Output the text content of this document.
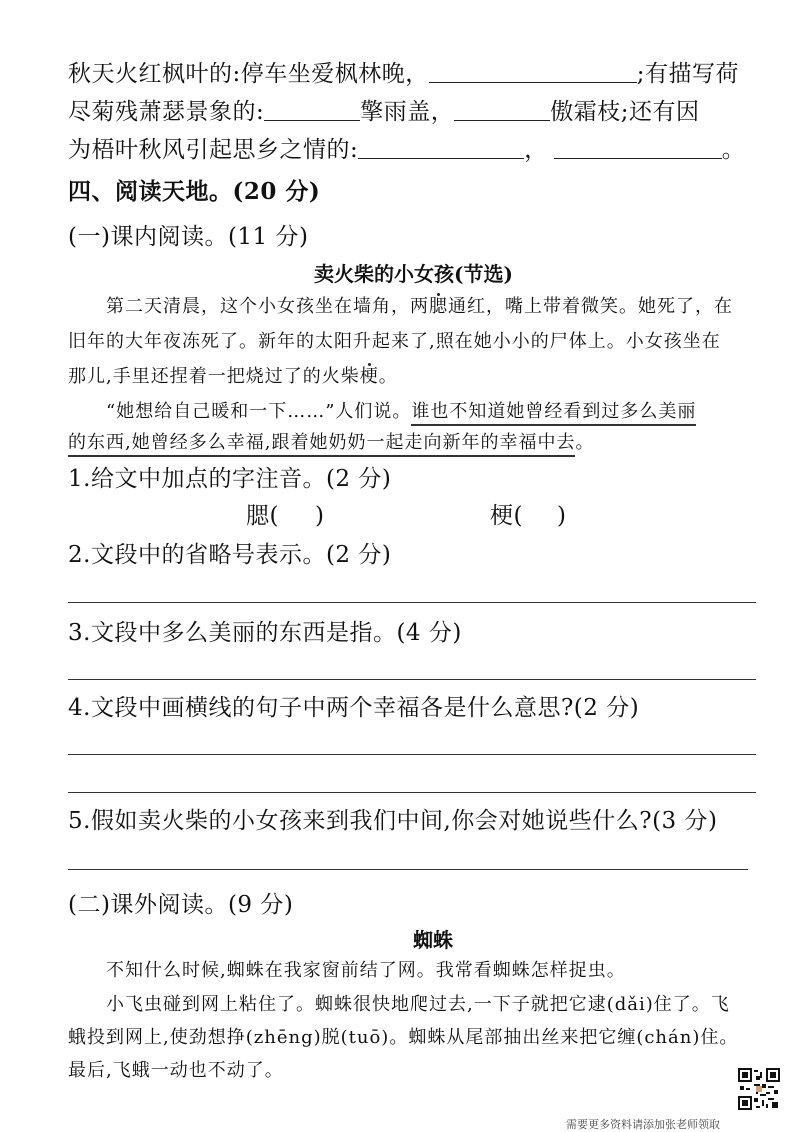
秋天火红枫叶的:停车坐爱枫林晚，	;有描写荷
尽菊残萧瑟景象的:	擎雨盖，	傲霜枝;还有因
为梧叶秋风引起思乡之情的:	，	。
四、阅读天地。(20 分)
(一)课内阅读。(11 分)
卖火柴的小女孩(节选)
第二天清晨，这个小女孩坐在墙角，两腮通红，嘴上带着微笑。她死了，在
旧年的大年夜冻死了。新年的太阳升起来了,照在她小小的尸体上。小女孩坐在
那儿,手里还捏着一把烧过了的火柴梗。
“她想给自己暖和一下……”人们说。谁也不知道她曾经看到过多么美丽
的东西,她曾经多么幸福,跟着她奶奶一起走向新年的幸福中去。
1.给文中加点的字注音。(2 分)
腮( )	梗( )
2.文段中的省略号表示。(2 分)
3.文段中多么美丽的东西是指。(4 分)
4.文段中画横线的句子中两个幸福各是什么意思?(2 分)
5.假如卖火柴的小女孩来到我们中间,你会对她说些什么?(3 分)
(二)课外阅读。(9 分)
蜘蛛
不知什么时候,蜘蛛在我家窗前结了网。我常看蜘蛛怎样捉虫。
小飞虫碰到网上粘住了。蜘蛛很快地爬过去,一下子就把它逮(dǎi)住了。飞
蛾投到网上,使劲想挣(zhēng)脱(tuō)。蜘蛛从尾部抽出丝来把它缠(chán)住。
最后,飞蛾一动也不动了。
需要更多资料请添加张老师领取
